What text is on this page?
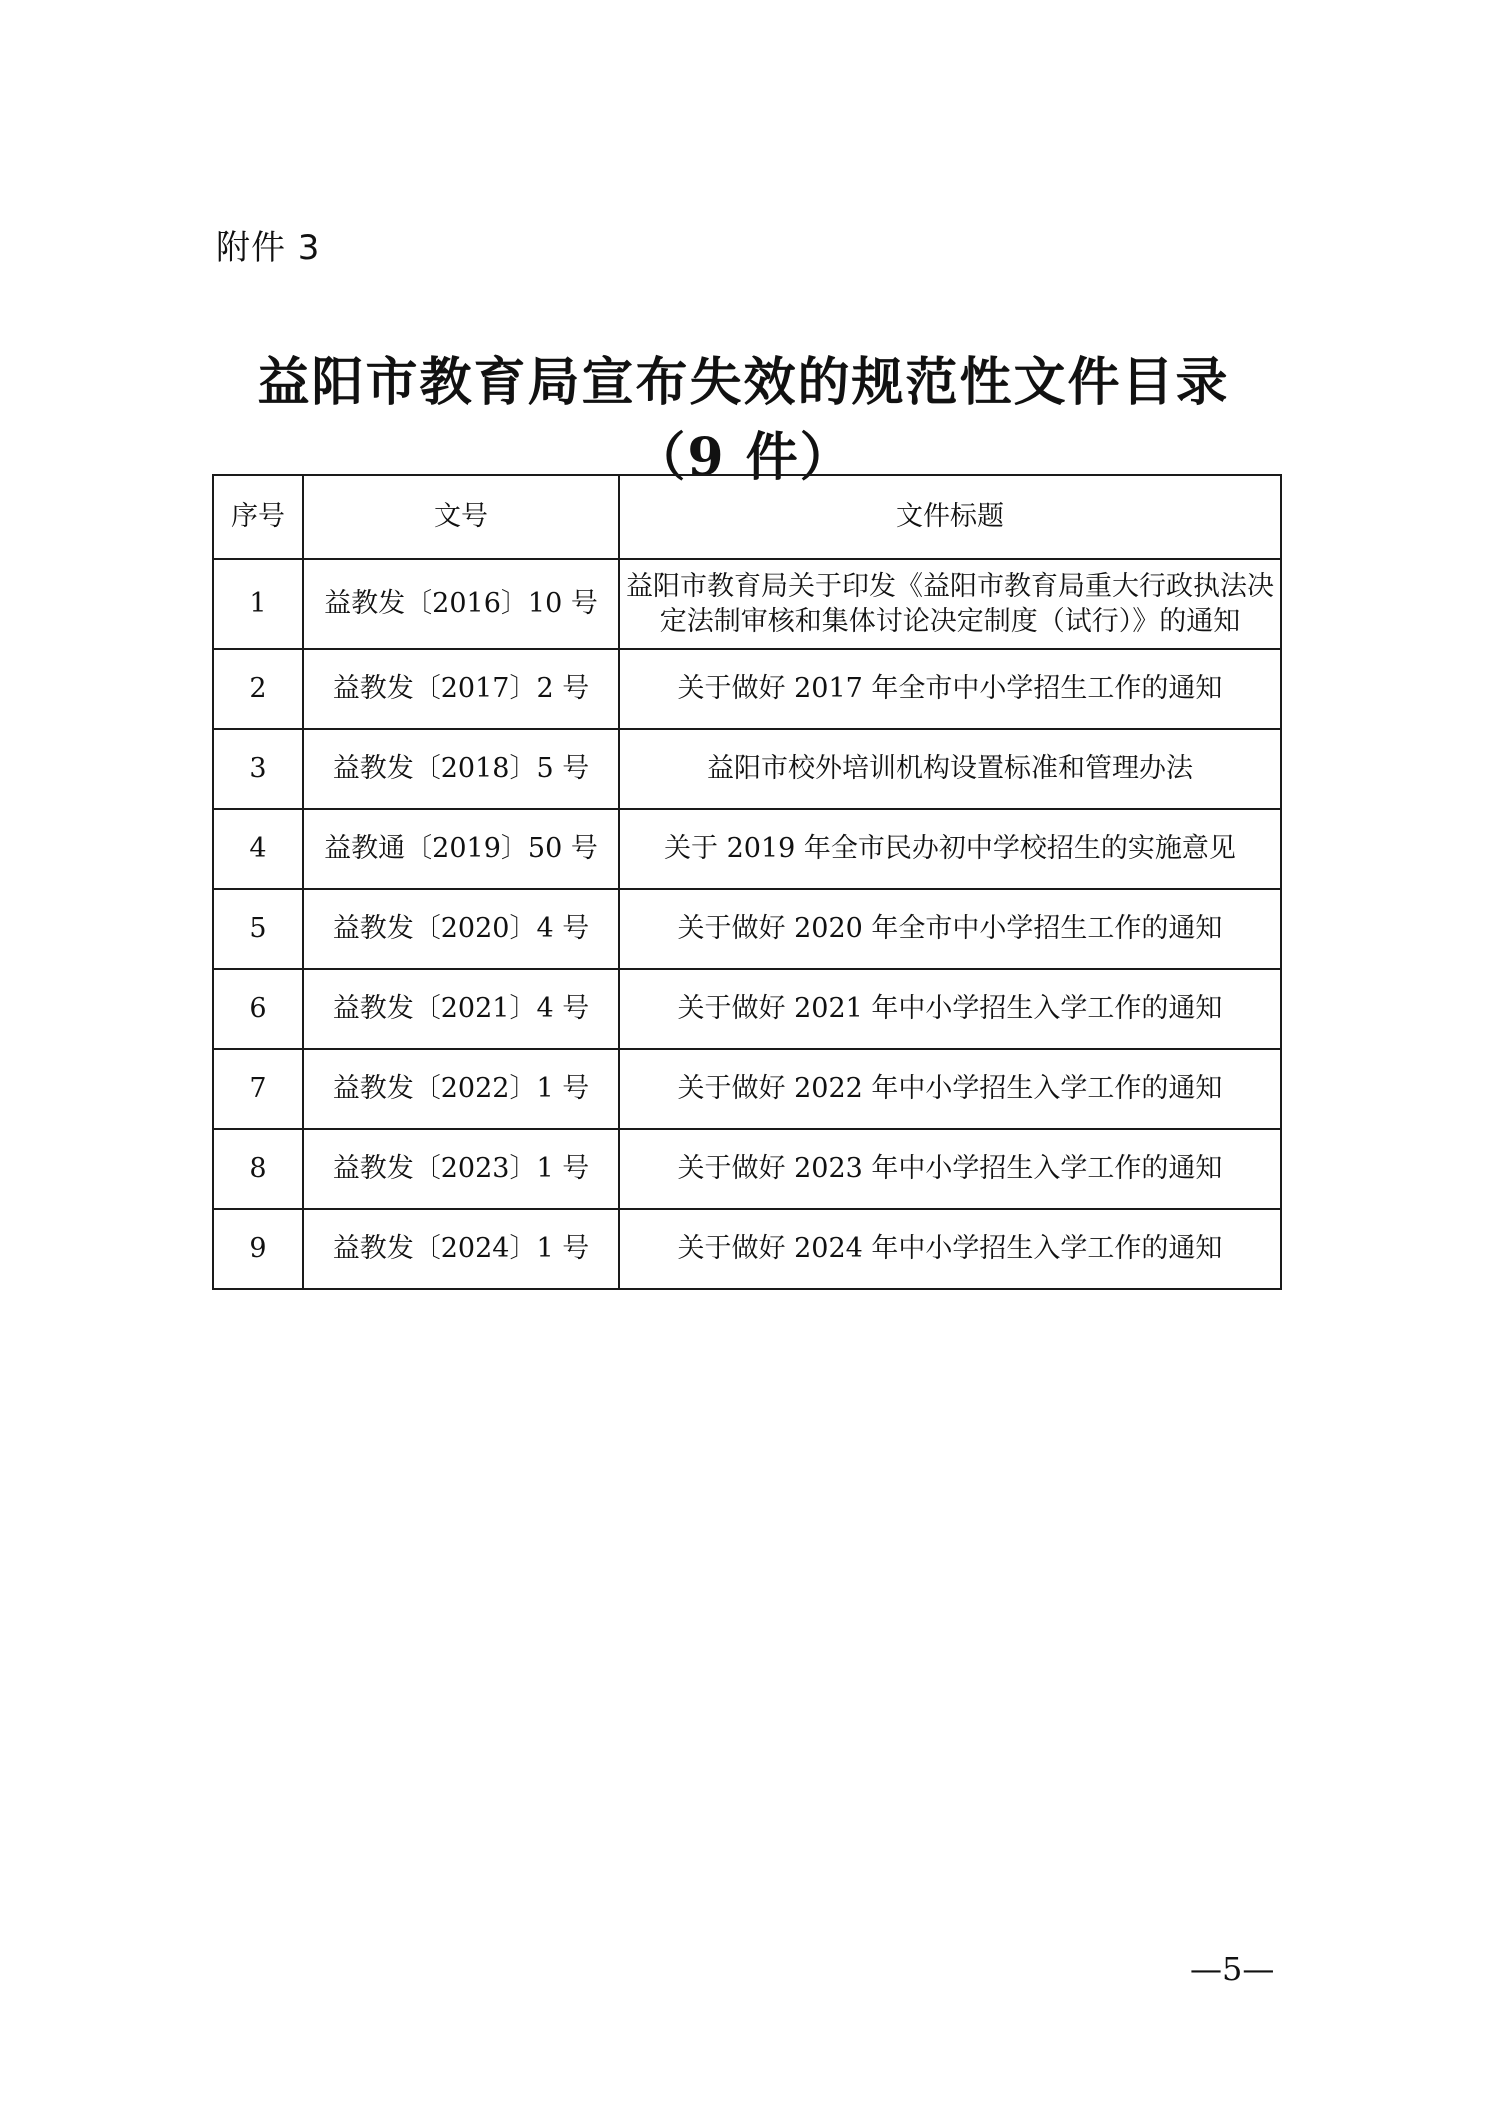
附件 3
益阳市教育局宣布失效的规范性文件目录
（9 件）
序号	文号	文件标题
1	益教发〔2016〕10 号	益阳市教育局关于印发《益阳市教育局重大行政执法决定法制审核和集体讨论决定制度（试行）》的通知
2	益教发〔2017〕2 号	关于做好 2017 年全市中小学招生工作的通知
3	益教发〔2018〕5 号	益阳市校外培训机构设置标准和管理办法
4	益教通〔2019〕50 号	关于 2019 年全市民办初中学校招生的实施意见
5	益教发〔2020〕4 号	关于做好 2020 年全市中小学招生工作的通知
6	益教发〔2021〕4 号	关于做好 2021 年中小学招生入学工作的通知
7	益教发〔2022〕1 号	关于做好 2022 年中小学招生入学工作的通知
8	益教发〔2023〕1 号	关于做好 2023 年中小学招生入学工作的通知
9	益教发〔2024〕1 号	关于做好 2024 年中小学招生入学工作的通知
—5—
